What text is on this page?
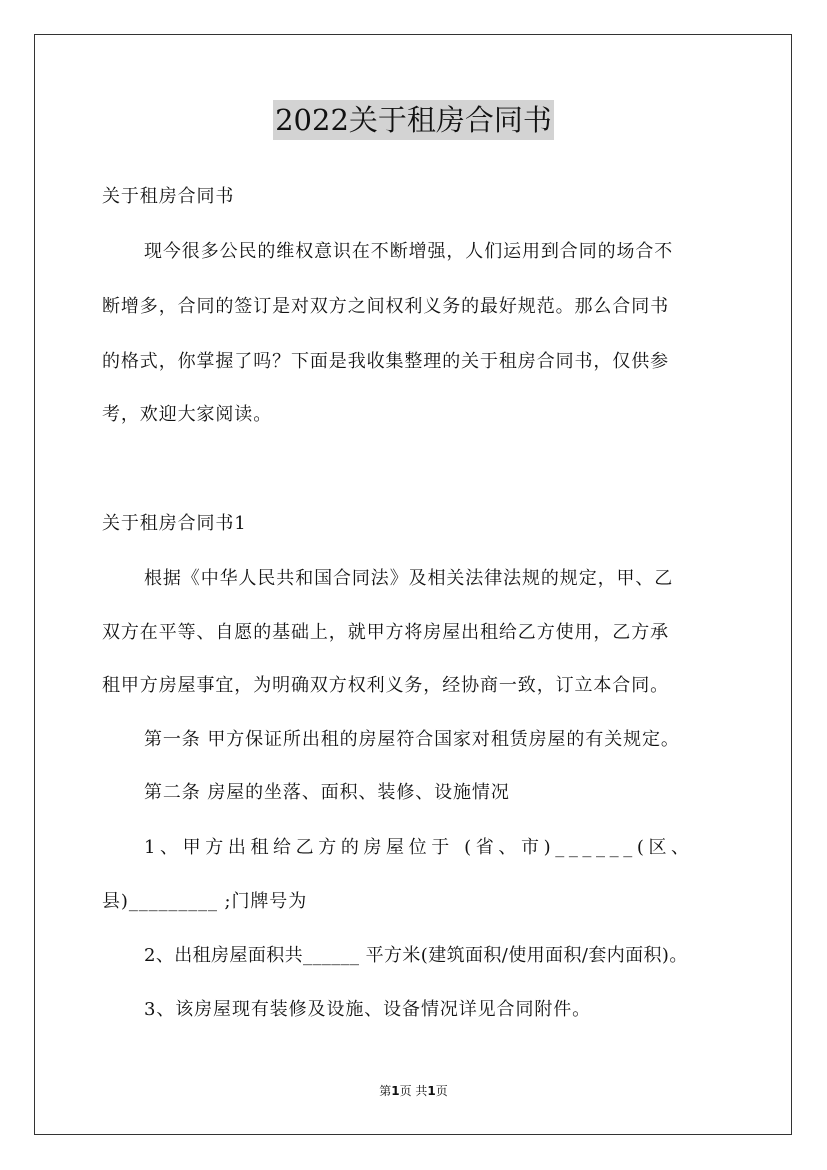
2022关于租房合同书
关于租房合同书
现今很多公民的维权意识在不断增强，人们运用到合同的场合不
断增多，合同的签订是对双方之间权利义务的最好规范。那么合同书
的格式，你掌握了吗？下面是我收集整理的关于租房合同书，仅供参
考，欢迎大家阅读。
关于租房合同书1
根据《中华人民共和国合同法》及相关法律法规的规定，甲、乙
双方在平等、自愿的基础上，就甲方将房屋出租给乙方使用，乙方承
租甲方房屋事宜，为明确双方权利义务，经协商一致，订立本合同。
第一条 甲方保证所出租的房屋符合国家对租赁房屋的有关规定。
第二条 房屋的坐落、面积、装修、设施情况
1、甲方出租给乙方的房屋位于 (省、市)______(区、
县)_________ ;门牌号为
2、出租房屋面积共______ 平方米(建筑面积/使用面积/套内面积)。
3、该房屋现有装修及设施、设备情况详见合同附件。
第1页 共1页
